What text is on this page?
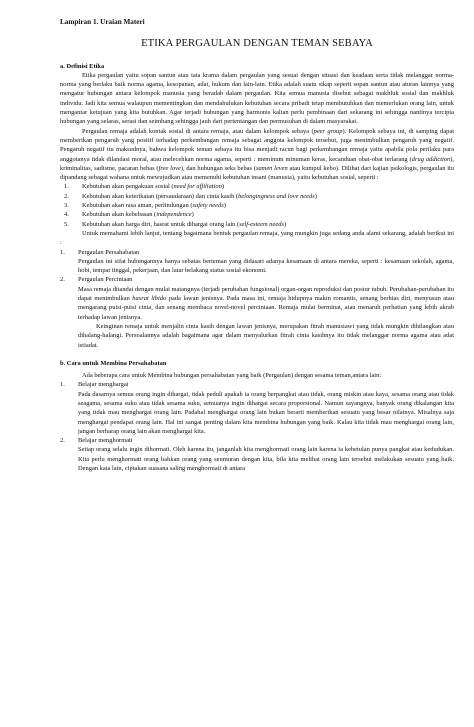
Lampiran 1. Uraian Materi
ETIKA PERGAULAN DENGAN TEMAN SEBAYA
a. Definisi Etika

Etika pergaulan yaitu sopan santun atau tata krama dalam pergaulan yang sesuai dengan situasi dan keadaan serta tidak melanggar norma-norma yang berlaku baik norma agama, kesopanan, adat, hukum dan lain-lain. Etika adalah suatu sikap seperti sopan santun atau aturan lainnya yang mengatur hubungan antara kelompok manusia yang beradab dalam pergaulan. Kita semua manusia disebut sebagai makhluk sosial dan makhluk individu. Jadi kita semua walaupun mementingkan dan mendahulukan kebutuhan secara pribadi tetap membutuhkan dan memerlukan orang lain, untuk mengantar ketujuan yang kita butuhkan. Agar terjadi hubungan yang harmonis kalian perlu pembinaan dari sekarang ini sehingga nantinya tercipta hubungan yang selaras, serasi dan seimbang sehingga jauh dari pertentangan dan permusuhan di dalam masyarakat.

Pergaulan remaja adalah kontak sosial di antara remaja, atau dalam kelompok sebaya (peer group). Kelompok sebaya ini, di samping dapat memberikan pengaruh yang positif terhadap perkembangan remaja sebagai anggota kelompok tersebut, juga menimbulkan pengaruh yang negatif. Pengaruh negatif itu maksudnya, bahwa kelompok teman sebaya itu bisa menjadi racun bagi perkembangan remaja yaitu apabila pola perilaku para anggotanya tidak dilandasi moral, atau melecehkan norma agama, seperti : meminum minuman keras, kecanduan obat-obat terlarang (drug addiction), kriminalitas, sadisme, pacaran bebas (free love), dan hubungan seks bebas (samen leven atau kumpul kebo). Dilihat dari kajian psikologis, pergaulan itu dipandang sebagai wahana untuk mewujudkan atau memenuhi kebutuhan insani (manusia), yaitu kebutuhan sosial, seperti :

1.	Kebutuhan akan pengakuan sosial (need for affiliation)
2.	Kebutuhan akan keterikatan (persaudaraan) dan cinta kasih (belongingness and love needs)
3.	Kebutuhan akan rasa aman, perlindungan (safety needs)
4.	Kebutuhan akan kebebasan (independence)
5.	Kebutuhan akan harga diri, hasrat untuk dihargai orang lain (self-esteem needs)

Untuk memahami lebih lanjut, tentang bagaimana bentuk pergaulan remaja, yang mungkin juga sedang anda alami sekarang, adalah berikut ini :

1.	Pergaulan Persahabatan

Pergaulan ini sifat hubungannya hanya sebatas berteman yang didasari adanya kesamaan di antara mereka, seperti : kesamaan sekolah, agama, hobi, tempat tinggal, pekerjaan, dan latar belakang status sosial ekonomi.

2.	Pergaulan Percintaan

Masa remaja ditandai dengan mulai matangnya (terjadi perubahan fungsional) organ-organ reproduksi dan postur tubuh. Perubahan-perubahan itu dapat menimbulkan hasrat libido pada lawan jenisnya. Pada masa ini, remaja hidupnya makin romantis, senang berhias diri, menyusun atau mengarang puisi-puisi cinta, dan senang membaca novel-novel percintaan. Remaja mulai berminat, atau menaruh perhatian yang lebih akrab terhadap lawan jenisnya.

Keinginan remaja untuk menjalin cinta kasih dengan lawan jenisnya, merupakan fitrah manusiawi yang tidak mungkin dihilangkan atau dihalang-halangi. Persoalannya adalah bagaimana agar dalam menyalurkan fitrah cinta kasihnya itu tidak melanggar norma agama atau adat istiadat.

b. Cara untuk Membina Persahabatan

Ada beberapa cara untuk Membina hubungan persahabatan yang baik (Pergaulan) dengan sesama teman,antara lain:

1.	Belajar menghargai

Pada dasarnya semua orang ingin dihargai, tidak peduli apakah ia orang berpangkat atau tidak, orang miskin atau kaya, sesama orang atau tidak seagama, sesama suku atau tidak sesama suku, semuanya ingin dihargai secara proporsional. Namun sayangnya, banyak orang dikalangan kita yang tidak mau menghargai orang lain. Padahal menghargai orang lain bukan berarti memberikan sesuatu yang besar nilainya. Misalnya saja menghargai pendapat orang lain. Hal ini sangat penting dalam kita membina hubungan yang baik. Kalau kita tidak mau menghargai orang lain, jangan berharap orang lain akan menghargai kita.

2.	Belajar menghormati

Setiap orang selalu ingin dihormati. Oleh karena itu, janganlah kita menghormati orang lain karena ia kebetulan punya pangkat atau kedudukan. Kita perlu menghormati orang bahkan orang yang seumuran dengan kita, bila kita melihat orang lain tersebut melakukan sesuatu yang baik. Dengan kata lain, ciptakan suasana saling menghormati di antara
